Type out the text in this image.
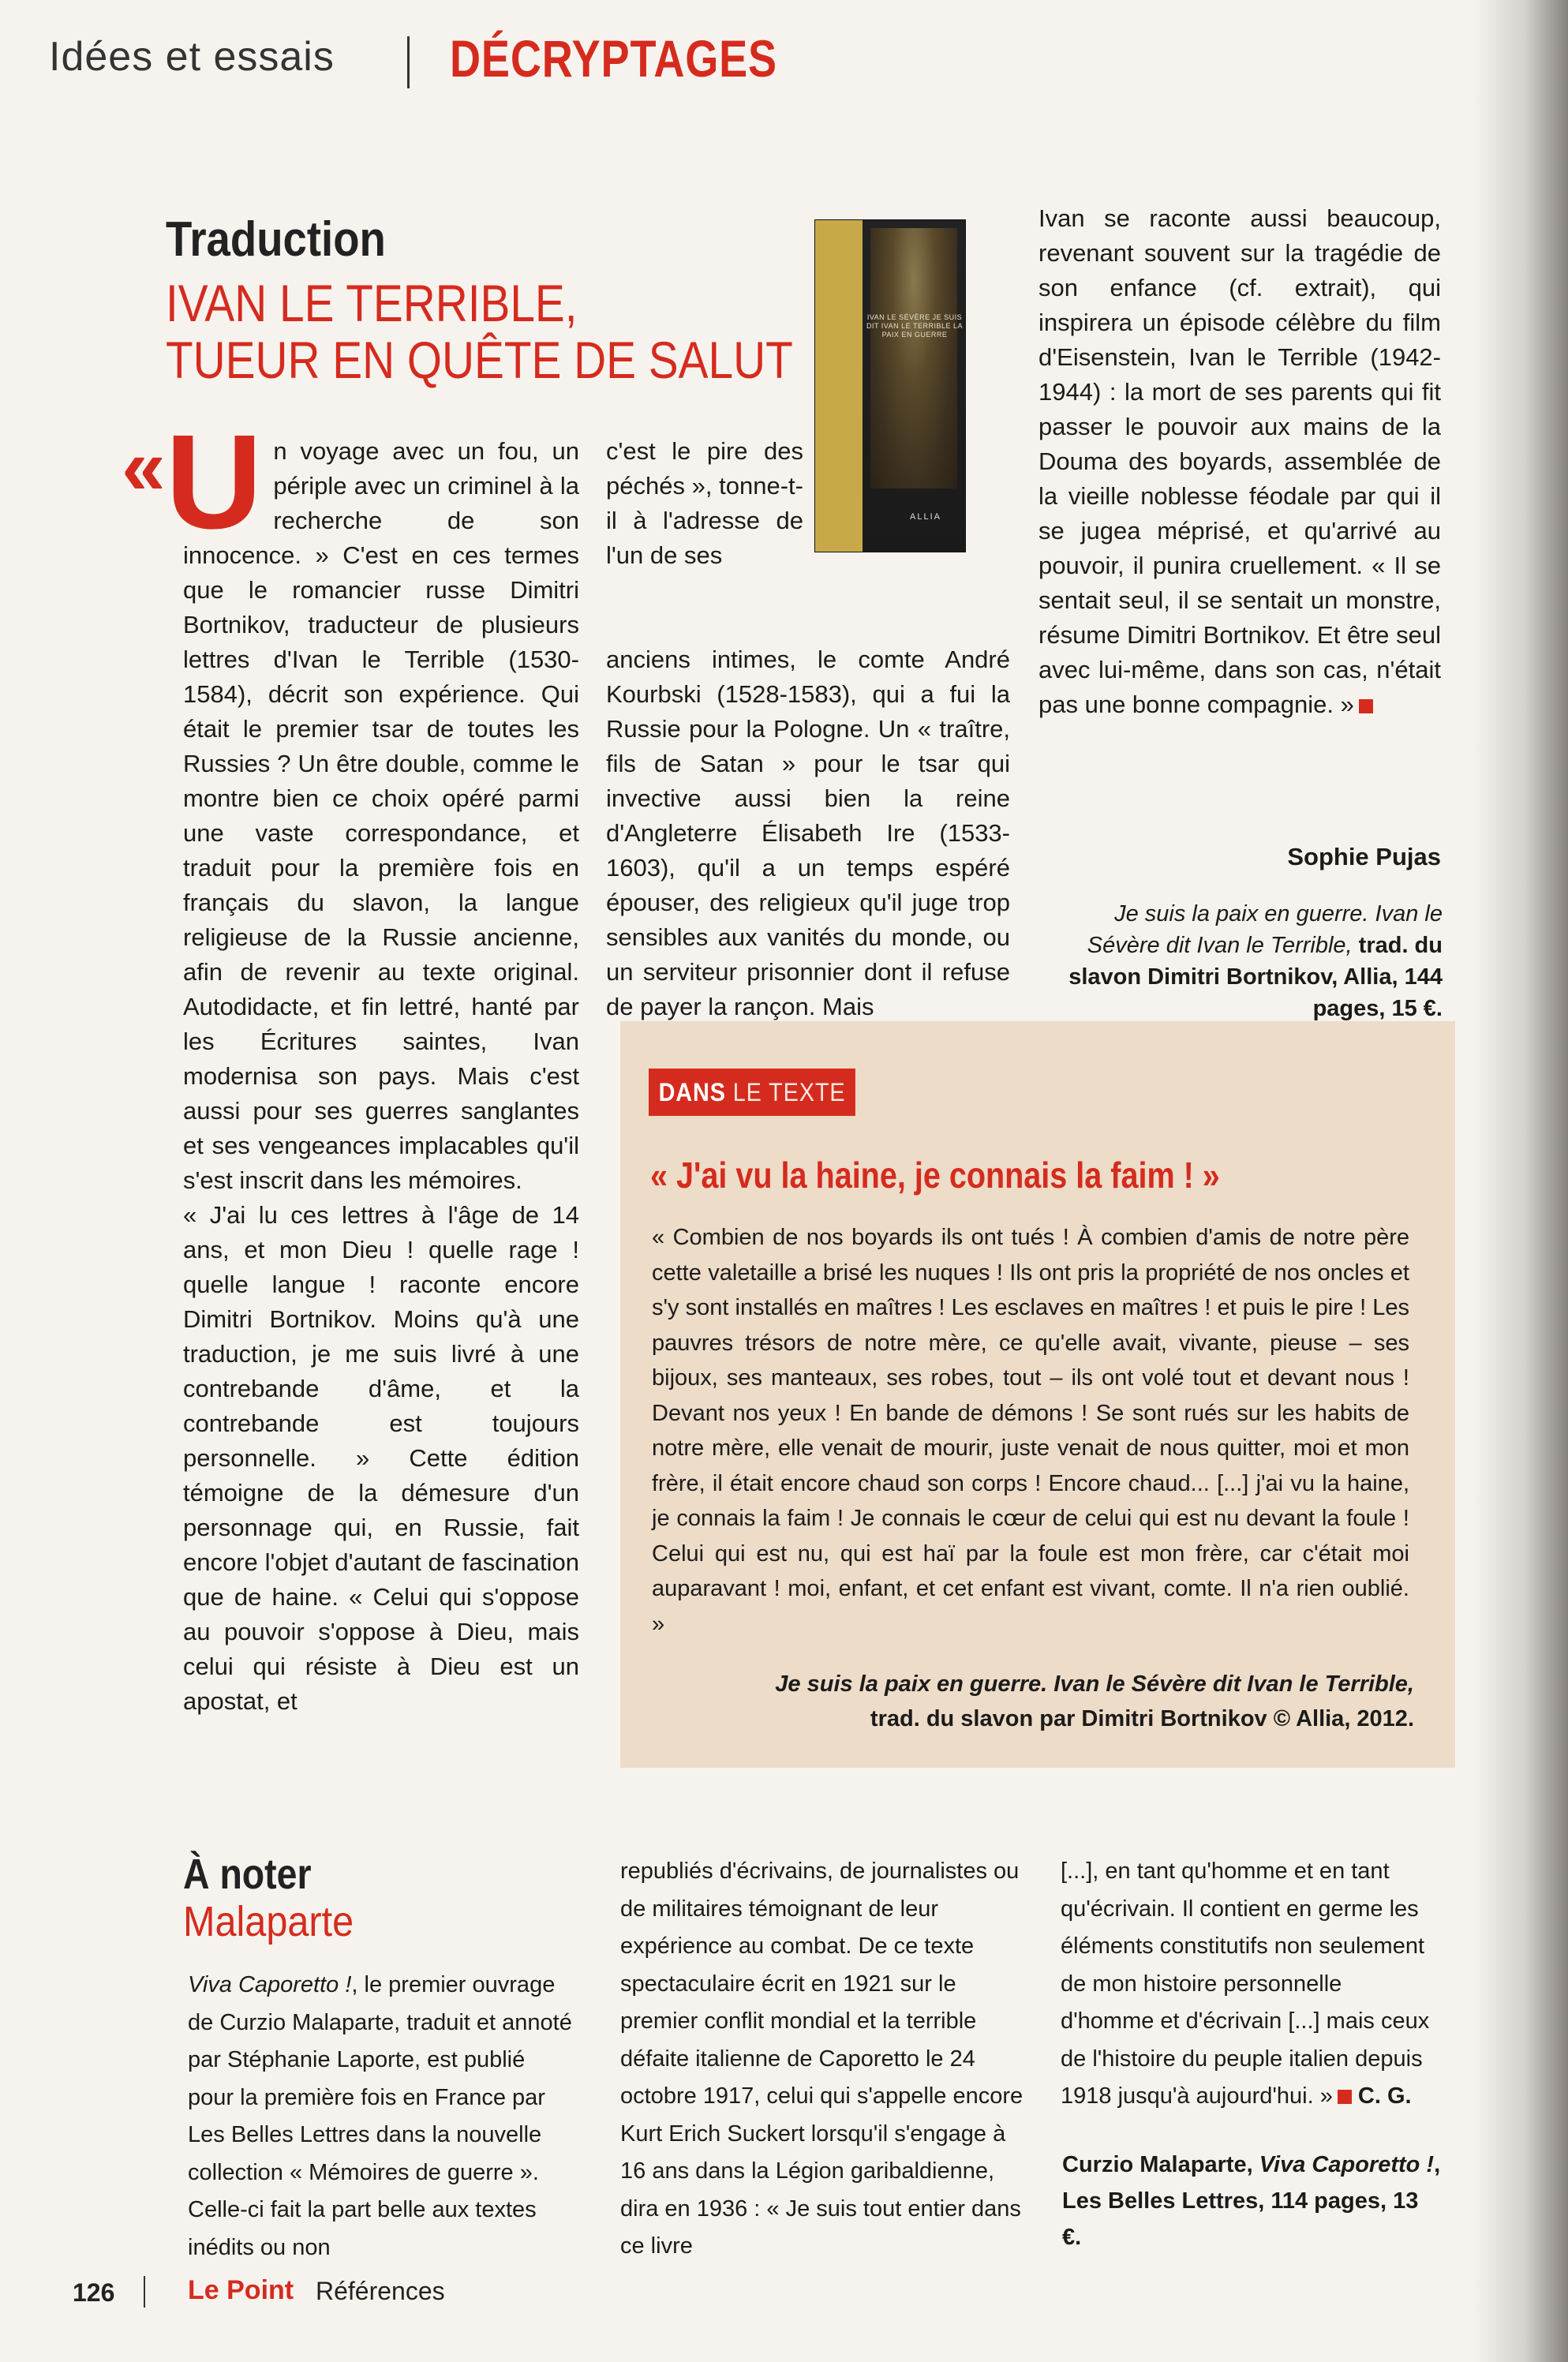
Idées et essais DÉCRYPTAGES
Traduction
IVAN LE TERRIBLE,
TUEUR EN QUÊTE DE SALUT

«U n voyage avec un fou, un périple avec un criminel à la recherche de son innocence. » C'est en ces termes que le romancier russe Dimitri Bortnikov, traducteur de plusieurs lettres d'Ivan le Terrible (1530-1584), décrit son expérience. Qui était le premier tsar de toutes les Russies ? Un être double, comme le montre bien ce choix opéré parmi une vaste correspondance, et traduit pour la première fois en français du slavon, la langue religieuse de la Russie ancienne, afin de revenir au texte original. Autodidacte, et fin lettré, hanté par les Écritures saintes, Ivan modernisa son pays. Mais c'est aussi pour ses guerres sanglantes et ses vengeances implacables qu'il s'est inscrit dans les mémoires.

« J'ai lu ces lettres à l'âge de 14 ans, et mon Dieu ! quelle rage ! quelle langue ! raconte encore Dimitri Bortnikov. Moins qu'à une traduction, je me suis livré à une contrebande d'âme, et la contrebande est toujours personnelle. » Cette édition témoigne de la démesure d'un personnage qui, en Russie, fait encore l'objet d'autant de fascination que de haine. « Celui qui s'oppose au pouvoir s'oppose à Dieu, mais celui qui résiste à Dieu est un apostat, et

IVAN LE SÉVÈRE JE SUIS DIT IVAN LE TERRIBLE LA PAIX EN GUERRE
ALLIA
c'est le pire des péchés », tonne-t-il à l'adresse de l'un de ses
anciens intimes, le comte André Kourbski (1528-1583), qui a fui la Russie pour la Pologne. Un « traître, fils de Satan » pour le tsar qui invective aussi bien la reine d'Angleterre Élisabeth Ire (1533-1603), qu'il a un temps espéré épouser, des religieux qu'il juge trop sensibles aux vanités du monde, ou un serviteur prisonnier dont il refuse de payer la rançon. Mais
Ivan se raconte aussi beaucoup, revenant souvent sur la tragédie de son enfance (cf. extrait), qui inspirera un épisode célèbre du film d'Eisenstein, Ivan le Terrible (1942-1944) : la mort de ses parents qui fit passer le pouvoir aux mains de la Douma des boyards, assemblée de la vieille noblesse féodale par qui il se jugea méprisé, et qu'arrivé au pouvoir, il punira cruellement. « Il se sentait seul, il se sentait un monstre, résume Dimitri Bortnikov. Et être seul avec lui-même, dans son cas, n'était pas une bonne compagnie. »
Sophie Pujas
Je suis la paix en guerre. Ivan le Sévère dit Ivan le Terrible, trad. du slavon Dimitri Bortnikov, Allia, 144 pages, 15 €.
DANS LE TEXTE
« J'ai vu la haine, je connais la faim ! »
« Combien de nos boyards ils ont tués ! À combien d'amis de notre père cette valetaille a brisé les nuques ! Ils ont pris la propriété de nos oncles et s'y sont installés en maîtres ! Les esclaves en maîtres ! et puis le pire ! Les pauvres trésors de notre mère, ce qu'elle avait, vivante, pieuse – ses bijoux, ses manteaux, ses robes, tout – ils ont volé tout et devant nous ! Devant nos yeux ! En bande de démons ! Se sont rués sur les habits de notre mère, elle venait de mourir, juste venait de nous quitter, moi et mon frère, il était encore chaud son corps ! Encore chaud... [...] j'ai vu la haine, je connais la faim ! Je connais le cœur de celui qui est nu devant la foule ! Celui qui est nu, qui est haï par la foule est mon frère, car c'était moi auparavant ! moi, enfant, et cet enfant est vivant, comte. Il n'a rien oublié. »
Je suis la paix en guerre. Ivan le Sévère dit Ivan le Terrible,
trad. du slavon par Dimitri Bortnikov © Allia, 2012.
À noter
Malaparte
Viva Caporetto !, le premier ouvrage de Curzio Malaparte, traduit et annoté par Stéphanie Laporte, est publié pour la première fois en France par Les Belles Lettres dans la nouvelle collection « Mémoires de guerre ». Celle-ci fait la part belle aux textes inédits ou non
republiés d'écrivains, de journalistes ou de militaires témoignant de leur expérience au combat. De ce texte spectaculaire écrit en 1921 sur le premier conflit mondial et la terrible défaite italienne de Caporetto le 24 octobre 1917, celui qui s'appelle encore Kurt Erich Suckert lorsqu'il s'engage à 16 ans dans la Légion garibaldienne, dira en 1936 : « Je suis tout entier dans ce livre
[...], en tant qu'homme et en tant qu'écrivain. Il contient en germe les éléments constitutifs non seulement de mon histoire personnelle d'homme et d'écrivain [...] mais ceux de l'histoire du peuple italien depuis 1918 jusqu'à aujourd'hui. » C. G.
Curzio Malaparte, Viva Caporetto !, Les Belles Lettres, 114 pages, 13 €.
126	Le Point Références
